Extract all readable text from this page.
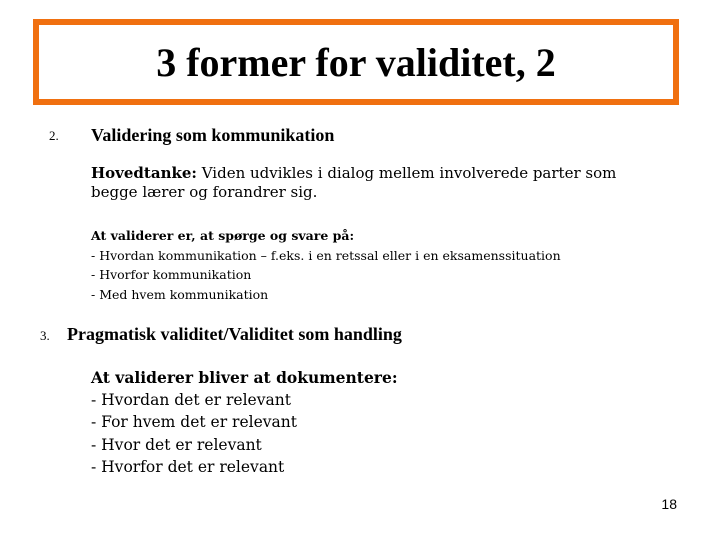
3 former for validitet, 2
2. Validering som kommunikation
Hovedtanke: Viden udvikles i dialog mellem involverede parter som
begge lærer og forandrer sig.
At validerer er, at spørge og svare på:
- Hvordan kommunikation – f.eks. i en retssal eller i en eksamenssituation
- Hvorfor kommunikation
- Med hvem kommunikation
3. Pragmatisk validitet/Validitet som handling
At validerer bliver at dokumentere:
- Hvordan det er relevant
- For hvem det er relevant
- Hvor det er relevant
- Hvorfor det er relevant
18
